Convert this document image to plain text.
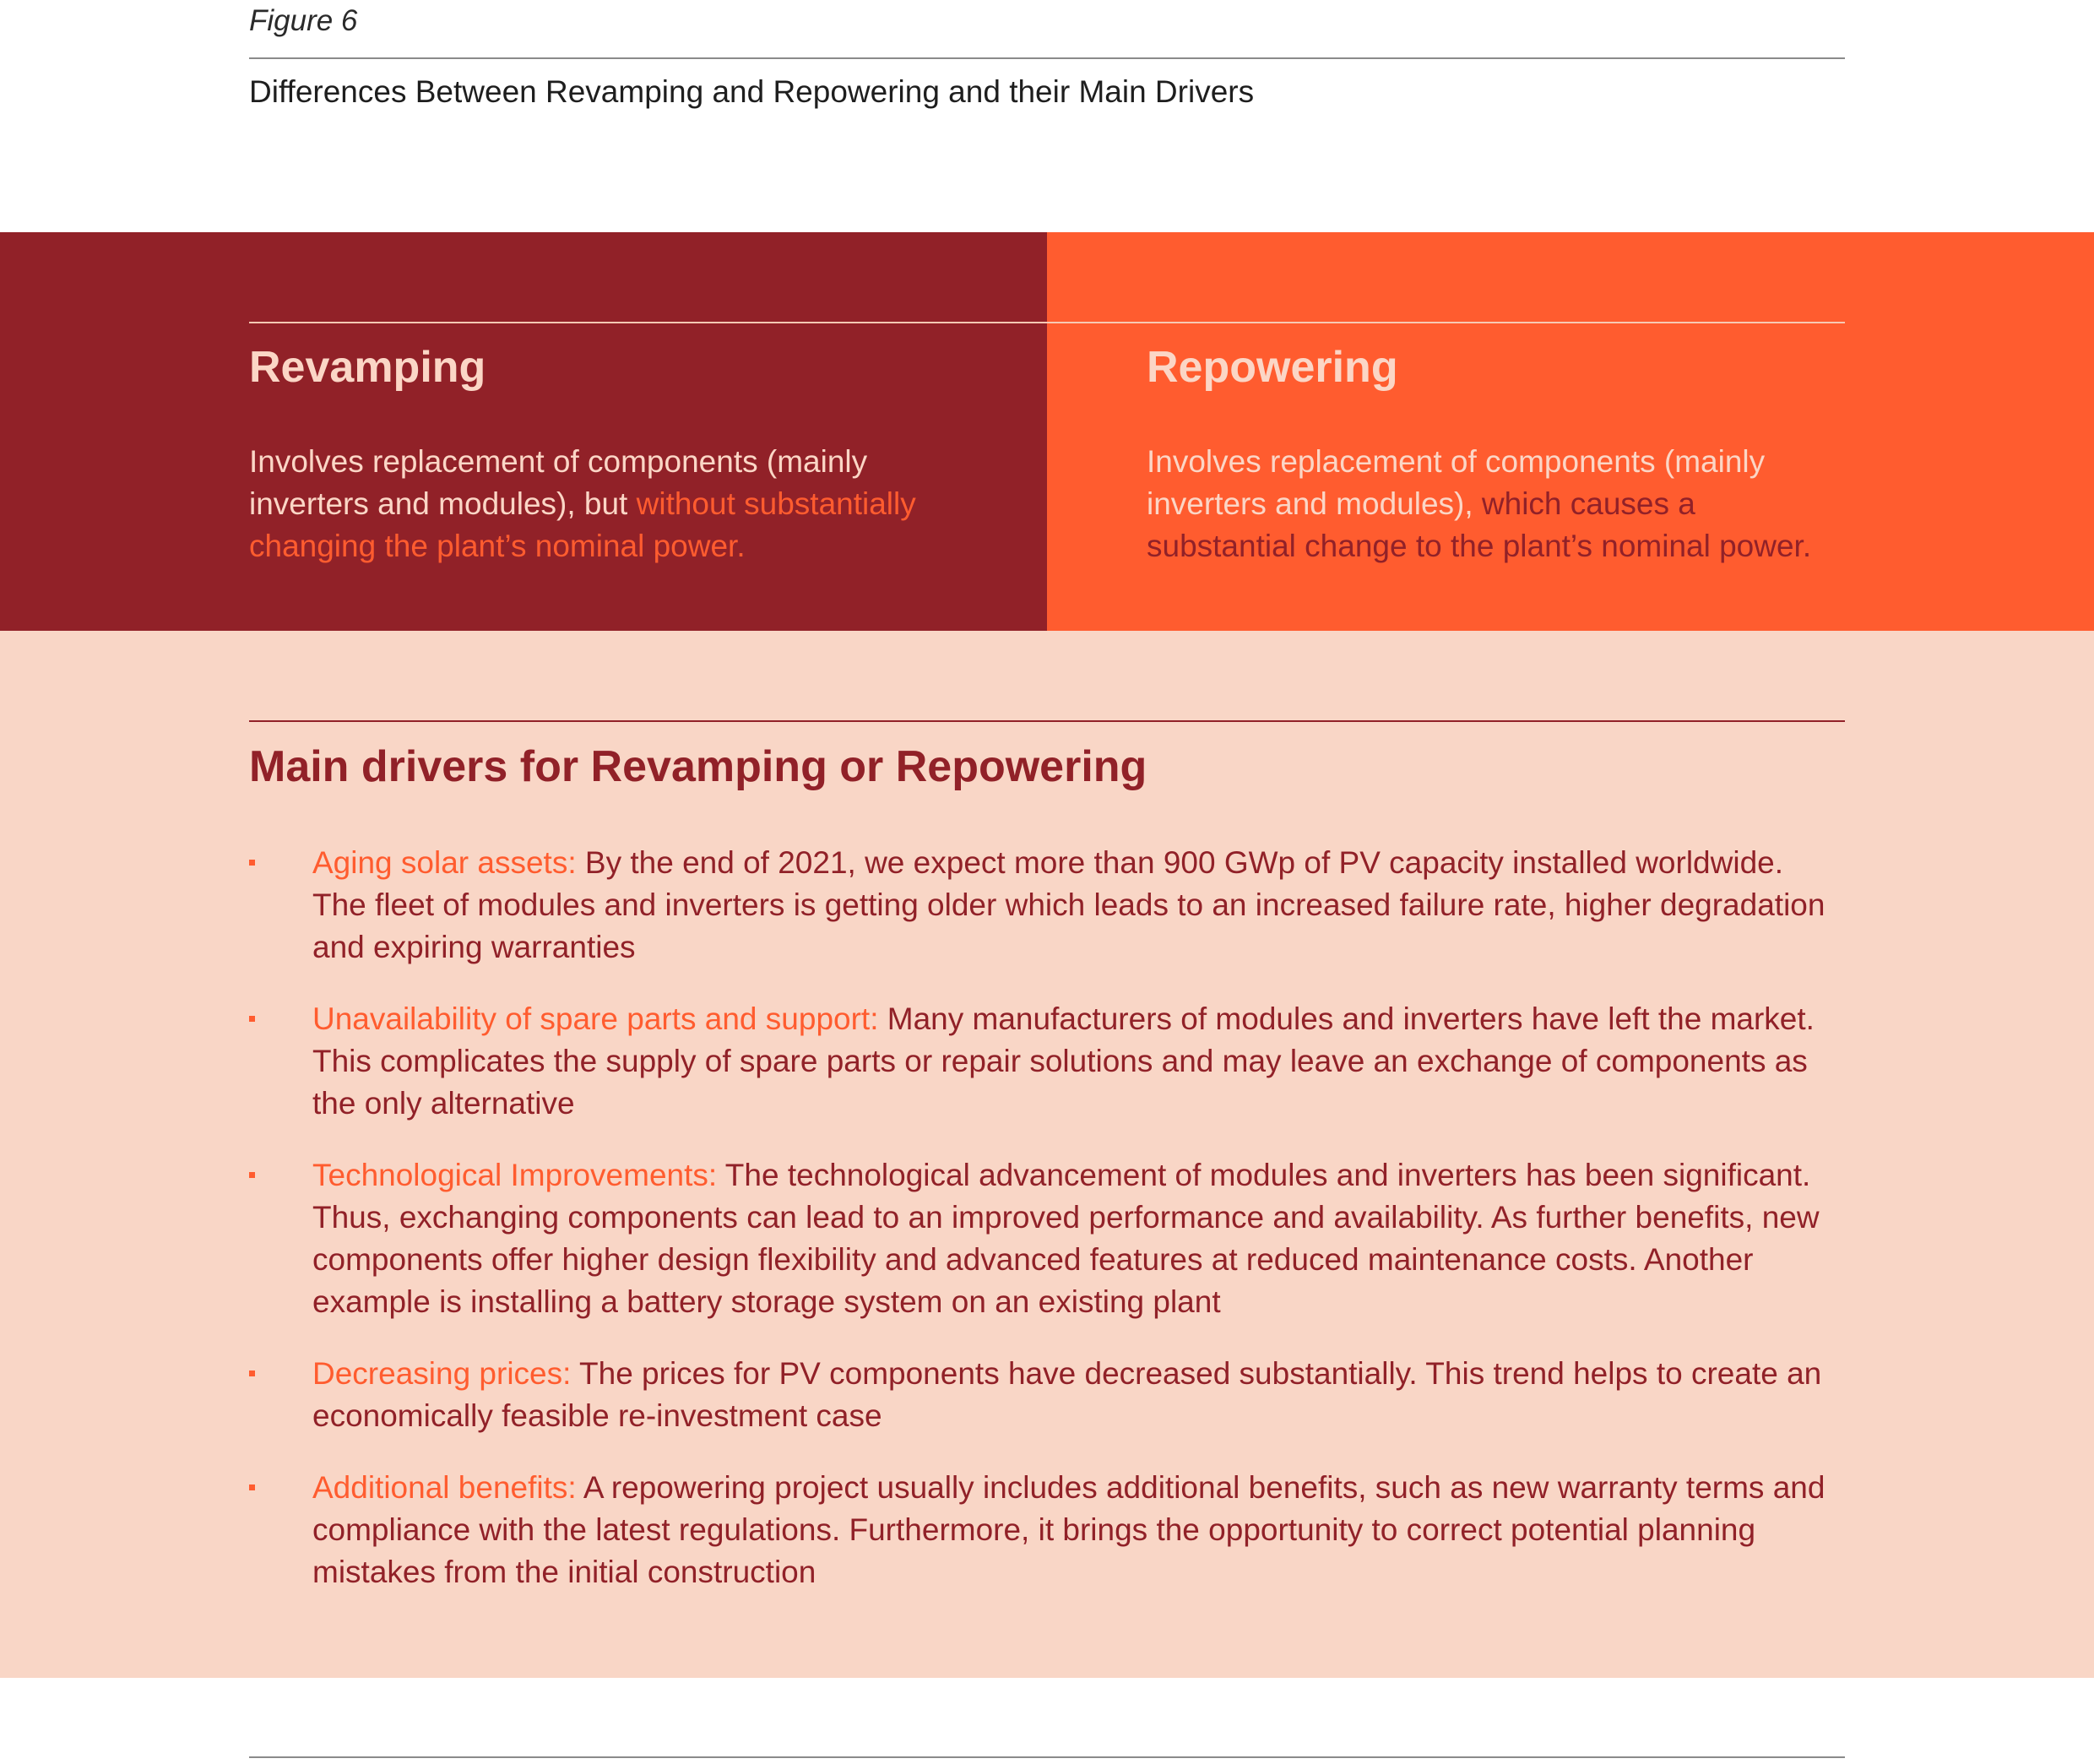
Figure 6
Differences Between Revamping and Repowering and their Main Drivers
Revamping
Involves replacement of components (mainly inverters and modules), but without substantially changing the plant’s nominal power.
Repowering
Involves replacement of components (mainly inverters and modules), which causes a substantial change to the plant’s nominal power.
Main drivers for Revamping or Repowering
Aging solar assets: By the end of 2021, we expect more than 900 GWp of PV capacity installed worldwide. The fleet of modules and inverters is getting older which leads to an increased failure rate, higher degradation and expiring warranties
Unavailability of spare parts and support: Many manufacturers of modules and inverters have left the market. This complicates the supply of spare parts or repair solutions and may leave an exchange of components as the only alternative
Technological Improvements: The technological advancement of modules and inverters has been significant. Thus, exchanging components can lead to an improved performance and availability. As further benefits, new components offer higher design flexibility and advanced features at reduced maintenance costs. Another example is installing a battery storage system on an existing plant
Decreasing prices: The prices for PV components have decreased substantially. This trend helps to create an economically feasible re-investment case
Additional benefits: A repowering project usually includes additional benefits, such as new warranty terms and compliance with the latest regulations. Furthermore, it brings the opportunity to correct potential planning mistakes from the initial construction
